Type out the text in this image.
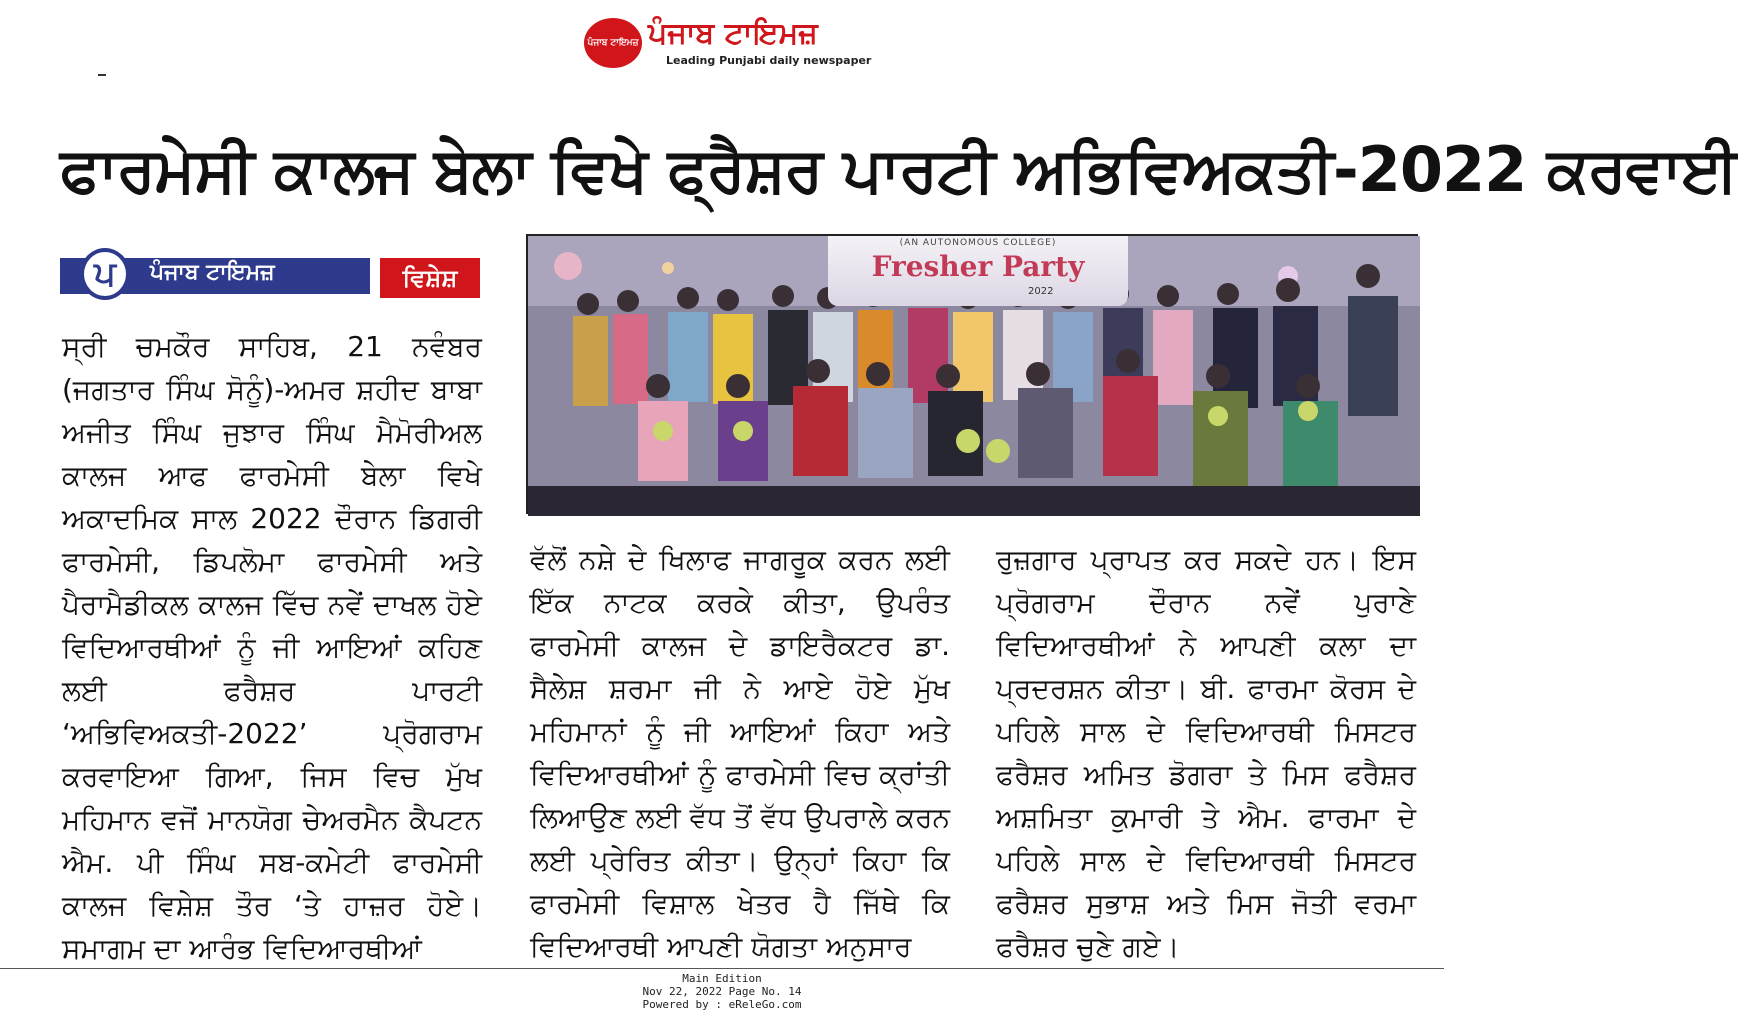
ਪੰਜਾਬ ਟਾਇਮਜ਼ ਪੰਜਾਬ ਟਾਇਮਜ਼
Leading Punjabi daily newspaper
ਫਾਰਮੇਸੀ ਕਾਲਜ ਬੇਲਾ ਵਿਖੇ ਫ੍ਰੈਸ਼ਰ ਪਾਰਟੀ ਅਭਿਵਿਅਕਤੀ-2022 ਕਰਵਾਈ
ਪ	ਪੰਜਾਬ ਟਾਇਮਜ਼	ਵਿਸ਼ੇਸ਼
(AN AUTONOMOUS COLLEGE)
Fresher Party
2022
ਸ੍ਰੀ ਚਮਕੌਰ ਸਾਹਿਬ, 21 ਨਵੰਬਰ (ਜਗਤਾਰ ਸਿੰਘ ਸੋਨੂੰ)-ਅਮਰ ਸ਼ਹੀਦ ਬਾਬਾ ਅਜੀਤ ਸਿੰਘ ਜੁਝਾਰ ਸਿੰਘ ਮੈਮੋਰੀਅਲ ਕਾਲਜ ਆਫ ਫਾਰਮੇਸੀ ਬੇਲਾ ਵਿਖੇ ਅਕਾਦਮਿਕ ਸਾਲ 2022 ਦੌਰਾਨ ਡਿਗਰੀ ਫਾਰਮੇਸੀ, ਡਿਪਲੋਮਾ ਫਾਰਮੇਸੀ ਅਤੇ ਪੈਰਾਮੈਡੀਕਲ ਕਾਲਜ ਵਿੱਚ ਨਵੇਂ ਦਾਖਲ ਹੋਏ ਵਿਦਿਆਰਥੀਆਂ ਨੂੰ ਜੀ ਆਇਆਂ ਕਹਿਣ ਲਈ ਫਰੈਸ਼ਰ ਪਾਰਟੀ ‘ਅਭਿਵਿਅਕਤੀ-2022’ ਪ੍ਰੋਗਰਾਮ ਕਰਵਾਇਆ ਗਿਆ, ਜਿਸ ਵਿਚ ਮੁੱਖ ਮਹਿਮਾਨ ਵਜੋਂ ਮਾਨਯੋਗ ਚੇਅਰਮੈਨ ਕੈਪਟਨ ਐਮ. ਪੀ ਸਿੰਘ ਸਬ-ਕਮੇਟੀ ਫਾਰਮੇਸੀ ਕਾਲਜ ਵਿਸ਼ੇਸ਼ ਤੌਰ ‘ਤੇ ਹਾਜ਼ਰ ਹੋਏ। ਸਮਾਗਮ ਦਾ ਆਰੰਭ ਵਿਦਿਆਰਥੀਆਂ
ਵੱਲੋਂ ਨਸ਼ੇ ਦੇ ਖਿਲਾਫ ਜਾਗਰੂਕ ਕਰਨ ਲਈ ਇੱਕ ਨਾਟਕ ਕਰਕੇ ਕੀਤਾ, ਉਪਰੰਤ ਫਾਰਮੇਸੀ ਕਾਲਜ ਦੇ ਡਾਇਰੈਕਟਰ ਡਾ. ਸੈਲੇਸ਼ ਸ਼ਰਮਾ ਜੀ ਨੇ ਆਏ ਹੋਏ ਮੁੱਖ ਮਹਿਮਾਨਾਂ ਨੂੰ ਜੀ ਆਇਆਂ ਕਿਹਾ ਅਤੇ ਵਿਦਿਆਰਥੀਆਂ ਨੂੰ ਫਾਰਮੇਸੀ ਵਿਚ ਕ੍ਰਾਂਤੀ ਲਿਆਉਣ ਲਈ ਵੱਧ ਤੋਂ ਵੱਧ ਉਪਰਾਲੇ ਕਰਨ ਲਈ ਪ੍ਰੇਰਿਤ ਕੀਤਾ। ਉਨ੍ਹਾਂ ਕਿਹਾ ਕਿ ਫਾਰਮੇਸੀ ਵਿਸ਼ਾਲ ਖੇਤਰ ਹੈ ਜਿੱਥੇ ਕਿ ਵਿਦਿਆਰਥੀ ਆਪਣੀ ਯੋਗਤਾ ਅਨੁਸਾਰ
ਰੁਜ਼ਗਾਰ ਪ੍ਰਾਪਤ ਕਰ ਸਕਦੇ ਹਨ। ਇਸ ਪ੍ਰੋਗਰਾਮ ਦੌਰਾਨ ਨਵੇਂ ਪੁਰਾਣੇ ਵਿਦਿਆਰਥੀਆਂ ਨੇ ਆਪਣੀ ਕਲਾ ਦਾ ਪ੍ਰਦਰਸ਼ਨ ਕੀਤਾ। ਬੀ. ਫਾਰਮਾ ਕੋਰਸ ਦੇ ਪਹਿਲੇ ਸਾਲ ਦੇ ਵਿਦਿਆਰਥੀ ਮਿਸਟਰ ਫਰੈਸ਼ਰ ਅਮਿਤ ਡੋਗਰਾ ਤੇ ਮਿਸ ਫਰੈਸ਼ਰ ਅਸ਼ਮਿਤਾ ਕੁਮਾਰੀ ਤੇ ਐਮ. ਫਾਰਮਾ ਦੇ ਪਹਿਲੇ ਸਾਲ ਦੇ ਵਿਦਿਆਰਥੀ ਮਿਸਟਰ ਫਰੈਸ਼ਰ ਸੁਭਾਸ਼ ਅਤੇ ਮਿਸ ਜੋਤੀ ਵਰਮਾ ਫਰੈਸ਼ਰ ਚੁਣੇ ਗਏ।
Main Edition
Nov 22, 2022 Page No. 14
Powered by : eReleGo.com
